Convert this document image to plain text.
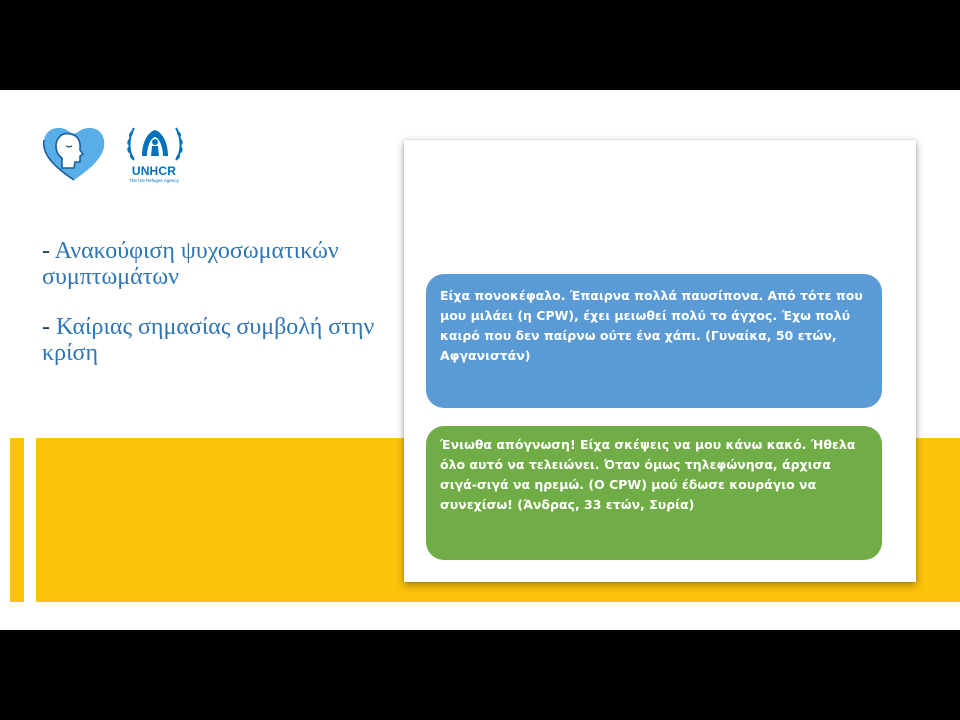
UNHCR
The UN Refugee Agency
- Ανακούφιση ψυχοσωματικών συμπτωμάτων
- Καίριας σημασίας συμβολή στην κρίση
Είχα πονοκέφαλο. Έπαιρνα πολλά παυσίπονα. Από τότε που μου μιλάει (η CPW), έχει μειωθεί πολύ το άγχος. Έχω πολύ καιρό που δεν παίρνω ούτε ένα χάπι. (Γυναίκα, 50 ετών, Αφγανιστάν)
Ένιωθα απόγνωση! Είχα σκέψεις να μου κάνω κακό. Ήθελα όλο αυτό να τελειώνει. Όταν όμως τηλεφώνησα, άρχισα σιγά-σιγά να ηρεμώ. (Ο CPW) μού έδωσε κουράγιο να συνεχίσω! (Άνδρας, 33 ετών, Συρία)
